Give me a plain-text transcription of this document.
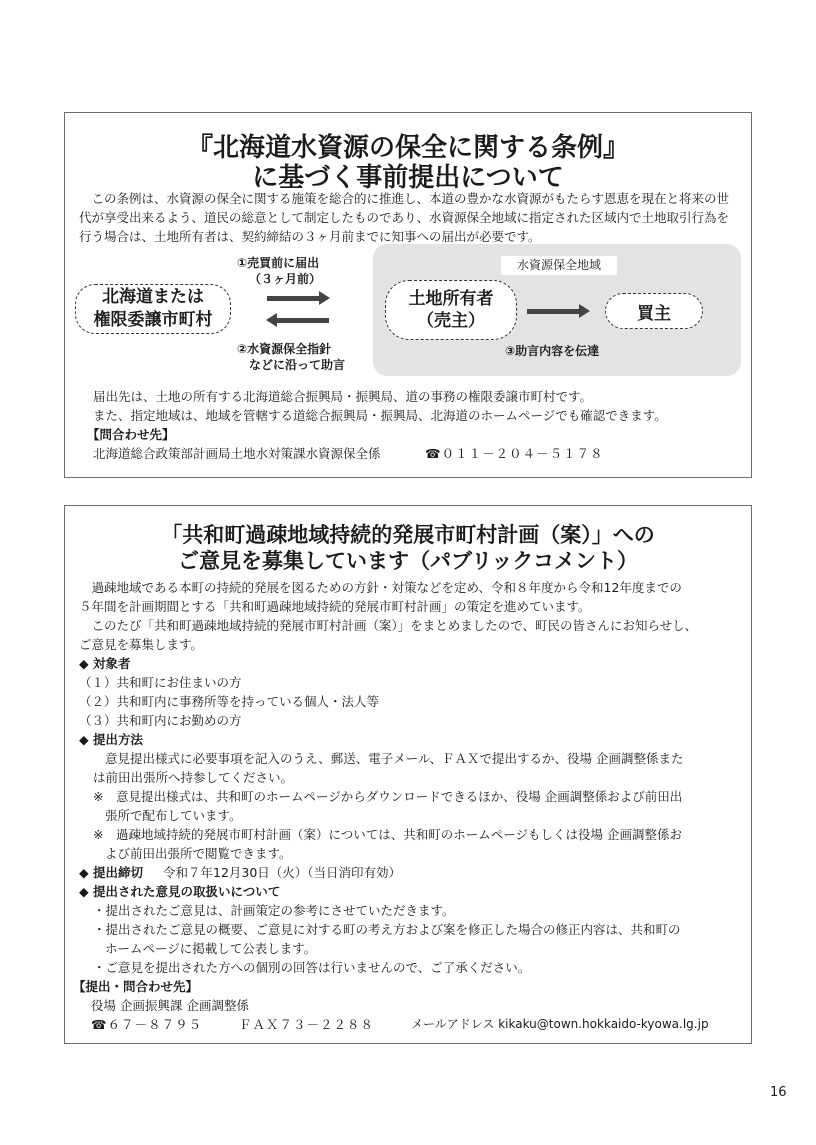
『北海道水資源の保全に関する条例』
に基づく事前提出について
　この条例は、水資源の保全に関する施策を総合的に推進し、本道の豊かな水資源がもたらす恩恵を現在と将来の世代が享受出来るよう、道民の総意として制定したものであり、水資源保全地域に指定された区域内で土地取引行為を行う場合は、土地所有者は、契約締結の３ヶ月前までに知事への届出が必要です。
水資源保全地域
北海道または
権限委譲市町村
①売買前に届出
（３ヶ月前）
②水資源保全指針
などに沿って助言
土地所有者
（売主）	買主
③助言内容を伝達
届出先は、土地の所有する北海道総合振興局・振興局、道の事務の権限委譲市町村です。
また、指定地域は、地域を管轄する道総合振興局・振興局、北海道のホームページでも確認できます。
【問合わせ先】
北海道総合政策部計画局土地水対策課水資源保全係	☎０１１－２０４－５１７８
「共和町過疎地域持続的発展市町村計画（案）」への
ご意見を募集しています（パブリックコメント）
　過疎地域である本町の持続的発展を図るための方針・対策などを定め、令和８年度から令和12年度までの
５年間を計画期間とする「共和町過疎地域持続的発展市町村計画」の策定を進めています。
　このたび「共和町過疎地域持続的発展市町村計画（案）」をまとめましたので、町民の皆さんにお知らせし、
ご意見を募集します。
◆ 対象者
（１）共和町にお住まいの方
（２）共和町内に事務所等を持っている個人・法人等
（３）共和町内にお勤めの方
◆ 提出方法
意見提出様式に必要事項を記入のうえ、郵送、電子メール、ＦＡＸで提出するか、役場 企画調整係また
は前田出張所へ持参してください。
※　意見提出様式は、共和町のホームページからダウンロードできるほか、役場 企画調整係および前田出
張所で配布しています。
※　過疎地域持続的発展市町村計画（案）については、共和町のホームページもしくは役場 企画調整係お
よび前田出張所で閲覧できます。
◆ 提出締切 令和７年12月30日（火）（当日消印有効）
◆ 提出された意見の取扱いについて
・提出されたご意見は、計画策定の参考にさせていただきます。
・提出されたご意見の概要、ご意見に対する町の考え方および案を修正した場合の修正内容は、共和町の
ホームページに掲載して公表します。
・ご意見を提出された方への個別の回答は行いませんので、ご了承ください。
【提出・問合わせ先】
役場 企画振興課 企画調整係
☎６７－８７９５	ＦＡＸ７３－２２８８	メールアドレス kikaku@town.hokkaido-kyowa.lg.jp
16
